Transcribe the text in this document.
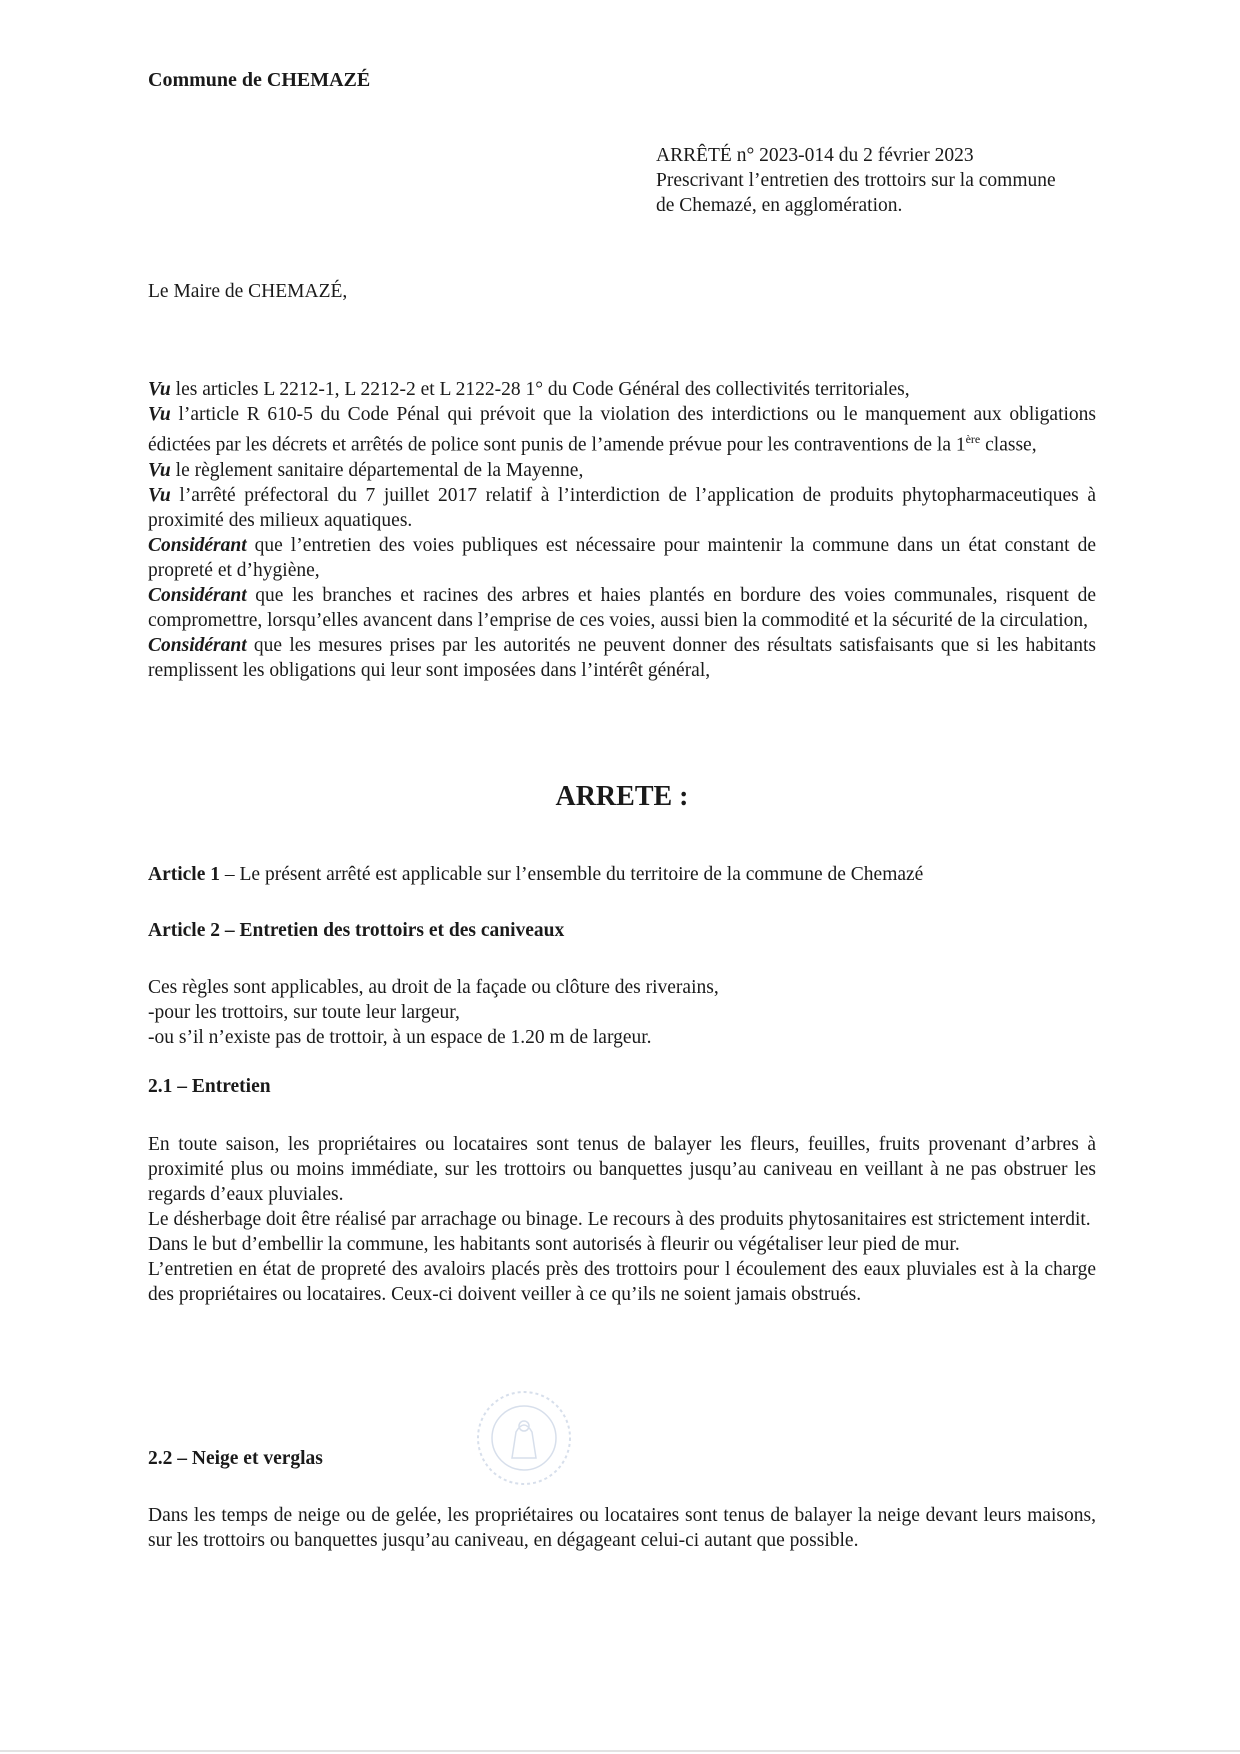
Commune de CHEMAZÉ
ARRÊTÉ n° 2023-014 du 2 février 2023
Prescrivant l’entretien des trottoirs sur la commune
de Chemazé, en agglomération.
Le Maire de CHEMAZÉ,

Vu les articles L 2212-1, L 2212-2 et L 2122-28 1° du Code Général des collectivités territoriales,

Vu l’article R 610-5 du Code Pénal qui prévoit que la violation des interdictions ou le manquement aux obligations édictées par les décrets et arrêtés de police sont punis de l’amende prévue pour les contraventions de la 1ère classe,

Vu le règlement sanitaire départemental de la Mayenne,

Vu l’arrêté préfectoral du 7 juillet 2017 relatif à l’interdiction de l’application de produits phytopharmaceutiques à proximité des milieux aquatiques.

Considérant que l’entretien des voies publiques est nécessaire pour maintenir la commune dans un état constant de propreté et d’hygiène,

Considérant que les branches et racines des arbres et haies plantés en bordure des voies communales, risquent de compromettre, lorsqu’elles avancent dans l’emprise de ces voies, aussi bien la commodité et la sécurité de la circulation,

Considérant que les mesures prises par les autorités ne peuvent donner des résultats satisfaisants que si les habitants remplissent les obligations qui leur sont imposées dans l’intérêt général,

ARRETE :

Article 1 – Le présent arrêté est applicable sur l’ensemble du territoire de la commune de Chemazé

Article 2 – Entretien des trottoirs et des caniveaux

Ces règles sont applicables, au droit de la façade ou clôture des riverains,

-pour les trottoirs, sur toute leur largeur,

-ou s’il n’existe pas de trottoir, à un espace de 1.20 m de largeur.

2.1 – Entretien

En toute saison, les propriétaires ou locataires sont tenus de balayer les fleurs, feuilles, fruits provenant d’arbres à proximité plus ou moins immédiate, sur les trottoirs ou banquettes jusqu’au caniveau en veillant à ne pas obstruer les regards d’eaux pluviales.

Le désherbage doit être réalisé par arrachage ou binage. Le recours à des produits phytosanitaires est strictement interdit.

Dans le but d’embellir la commune, les habitants sont autorisés à fleurir ou végétaliser leur pied de mur.

L’entretien en état de propreté des avaloirs placés près des trottoirs pour l écoulement des eaux pluviales est à la charge des propriétaires ou locataires. Ceux-ci doivent veiller à ce qu’ils ne soient jamais obstrués.

2.2 – Neige et verglas

Dans les temps de neige ou de gelée, les propriétaires ou locataires sont tenus de balayer la neige devant leurs maisons, sur les trottoirs ou banquettes jusqu’au caniveau, en dégageant celui-ci autant que possible.
